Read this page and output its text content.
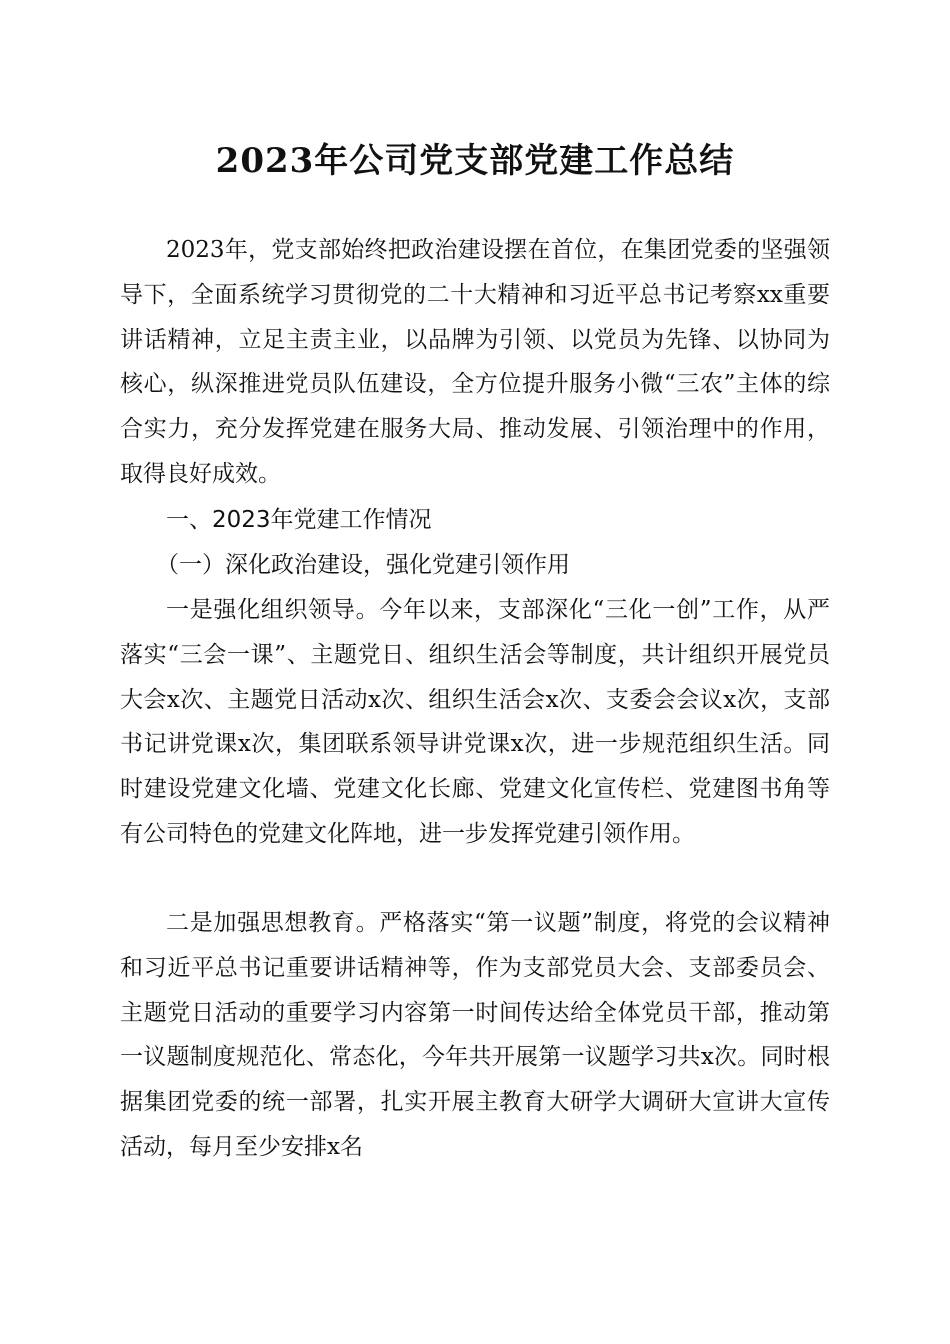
2023年公司党支部党建工作总结

2023年，党支部始终把政治建设摆在首位，在集团党委的坚强领导下，全面系统学习贯彻党的二十大精神和习近平总书记考察xx重要讲话精神，立足主责主业，以品牌为引领、以党员为先锋、以协同为核心，纵深推进党员队伍建设，全方位提升服务小微“三农”主体的综合实力，充分发挥党建在服务大局、推动发展、引领治理中的作用，取得良好成效。

一、2023年党建工作情况

（一）深化政治建设，强化党建引领作用

一是强化组织领导。今年以来，支部深化“三化一创”工作，从严落实“三会一课”、主题党日、组织生活会等制度，共计组织开展党员大会x次、主题党日活动x次、组织生活会x次、支委会会议x次，支部书记讲党课x次，集团联系领导讲党课x次，进一步规范组织生活。同时建设党建文化墙、党建文化长廊、党建文化宣传栏、党建图书角等有公司特色的党建文化阵地，进一步发挥党建引领作用。

二是加强思想教育。严格落实“第一议题”制度，将党的会议精神和习近平总书记重要讲话精神等，作为支部党员大会、支部委员会、主题党日活动的重要学习内容第一时间传达给全体党员干部，推动第一议题制度规范化、常态化，今年共开展第一议题学习共x次。同时根据集团党委的统一部署，扎实开展主教育大研学大调研大宣讲大宣传活动，每月至少安排x名
